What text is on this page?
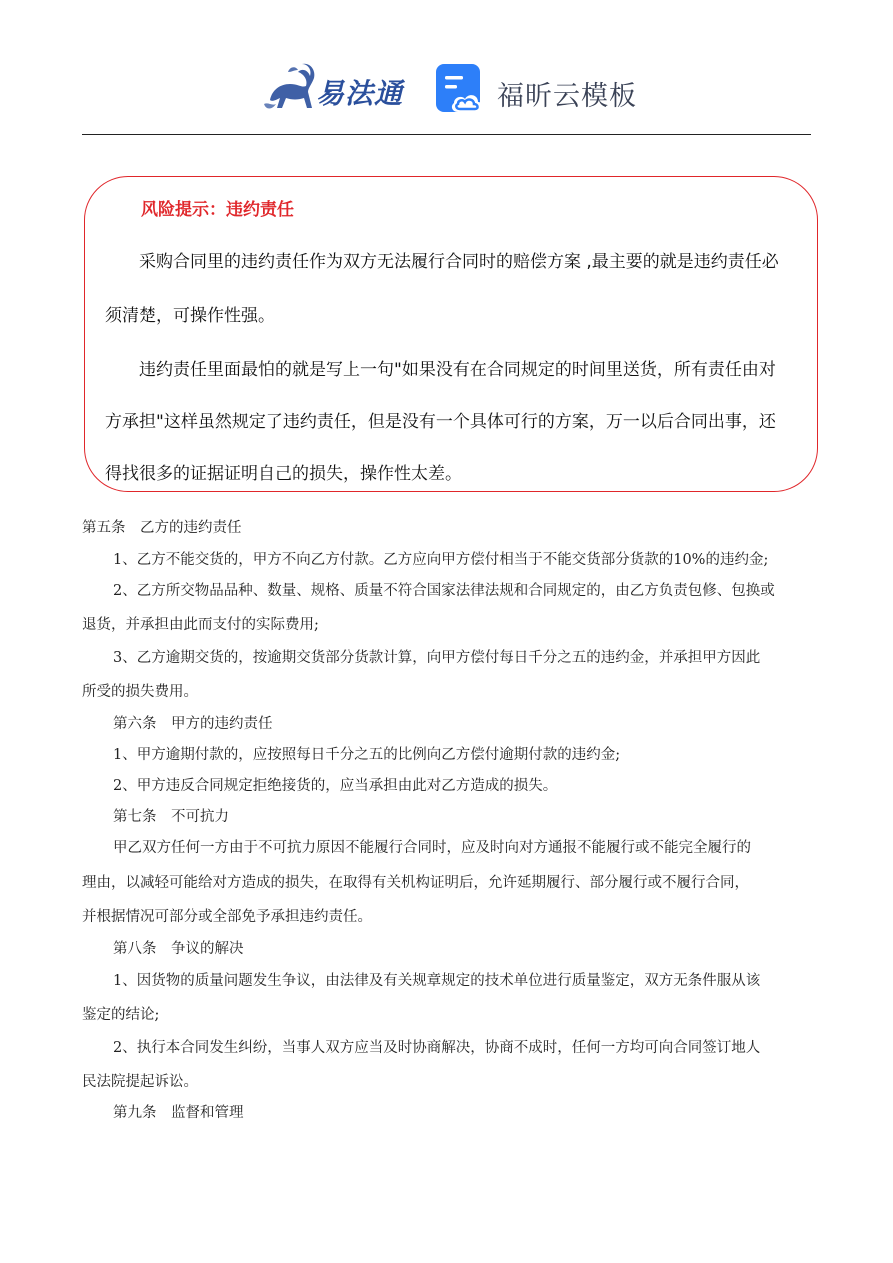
易法通	福昕云模板
风险提示：违约责任
采购合同里的违约责任作为双方无法履行合同时的赔偿方案 ,最主要的就是违约责任必
须清楚，可操作性强。
违约责任里面最怕的就是写上一句"如果没有在合同规定的时间里送货，所有责任由对
方承担"这样虽然规定了违约责任，但是没有一个具体可行的方案，万一以后合同出事，还
得找很多的证据证明自己的损失，操作性太差。
第五条　乙方的违约责任
1、乙方不能交货的，甲方不向乙方付款。乙方应向甲方偿付相当于不能交货部分货款的10%的违约金;
2、乙方所交物品品种、数量、规格、质量不符合国家法律法规和合同规定的，由乙方负责包修、包换或
退货，并承担由此而支付的实际费用;
3、乙方逾期交货的，按逾期交货部分货款计算，向甲方偿付每日千分之五的违约金，并承担甲方因此
所受的损失费用。
第六条　甲方的违约责任
1、甲方逾期付款的，应按照每日千分之五的比例向乙方偿付逾期付款的违约金;
2、甲方违反合同规定拒绝接货的，应当承担由此对乙方造成的损失。
第七条　不可抗力
甲乙双方任何一方由于不可抗力原因不能履行合同时，应及时向对方通报不能履行或不能完全履行的
理由，以减轻可能给对方造成的损失，在取得有关机构证明后，允许延期履行、部分履行或不履行合同，
并根据情况可部分或全部免予承担违约责任。
第八条　争议的解决
1、因货物的质量问题发生争议，由法律及有关规章规定的技术单位进行质量鉴定，双方无条件服从该
鉴定的结论;
2、执行本合同发生纠纷，当事人双方应当及时协商解决，协商不成时，任何一方均可向合同签订地人
民法院提起诉讼。
第九条　监督和管理
